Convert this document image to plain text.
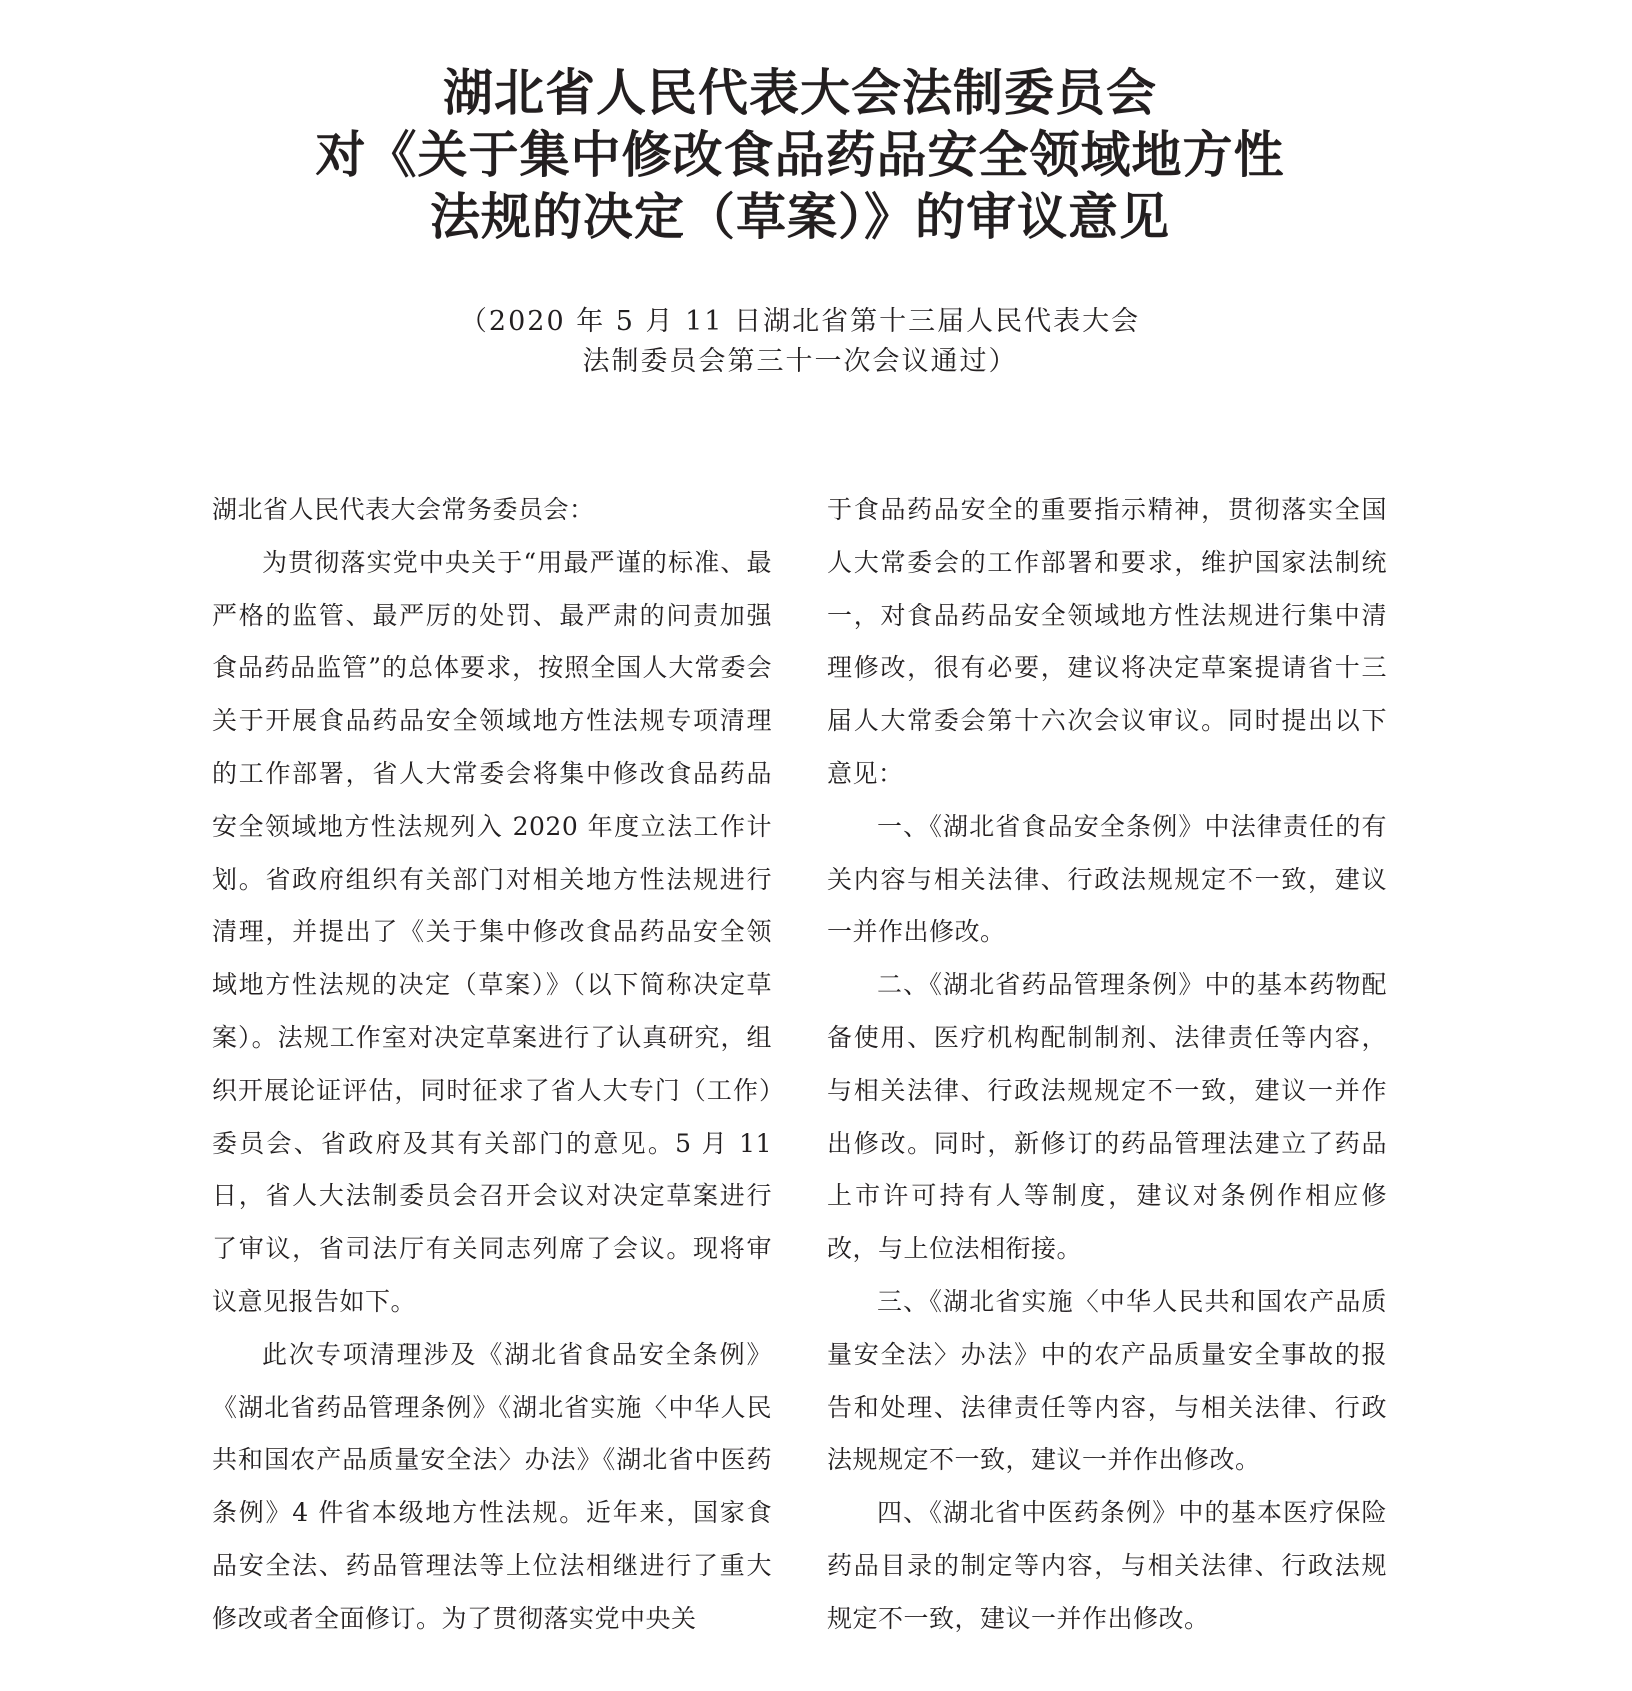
湖北省人民代表大会法制委员会

对《关于集中修改食品药品安全领域地方性

法规的决定（草案）》的审议意见

（2020 年 5 月 11 日湖北省第十三届人民代表大会

法制委员会第三十一次会议通过）

湖北省人民代表大会常务委员会：

为贯彻落实党中央关于“用最严谨的标准、最严格的监管、最严厉的处罚、最严肃的问责加强食品药品监管”的总体要求，按照全国人大常委会关于开展食品药品安全领域地方性法规专项清理的工作部署，省人大常委会将集中修改食品药品安全领域地方性法规列入 2020 年度立法工作计划。省政府组织有关部门对相关地方性法规进行清理，并提出了《关于集中修改食品药品安全领域地方性法规的决定（草案）》（以下简称决定草案）。法规工作室对决定草案进行了认真研究，组织开展论证评估，同时征求了省人大专门（工作）委员会、省政府及其有关部门的意见。5 月 11 日，省人大法制委员会召开会议对决定草案进行了审议，省司法厅有关同志列席了会议。现将审议意见报告如下。

此次专项清理涉及《湖北省食品安全条例》《湖北省药品管理条例》《湖北省实施〈中华人民共和国农产品质量安全法〉办法》《湖北省中医药条例》4 件省本级地方性法规。近年来，国家食品安全法、药品管理法等上位法相继进行了重大修改或者全面修订。为了贯彻落实党中央关

于食品药品安全的重要指示精神，贯彻落实全国人大常委会的工作部署和要求，维护国家法制统一，对食品药品安全领域地方性法规进行集中清理修改，很有必要，建议将决定草案提请省十三届人大常委会第十六次会议审议。同时提出以下意见：

一、《湖北省食品安全条例》中法律责任的有关内容与相关法律、行政法规规定不一致，建议一并作出修改。

二、《湖北省药品管理条例》中的基本药物配备使用、医疗机构配制制剂、法律责任等内容，与相关法律、行政法规规定不一致，建议一并作出修改。同时，新修订的药品管理法建立了药品上市许可持有人等制度，建议对条例作相应修改，与上位法相衔接。

三、《湖北省实施〈中华人民共和国农产品质量安全法〉办法》中的农产品质量安全事故的报告和处理、法律责任等内容，与相关法律、行政法规规定不一致，建议一并作出修改。

四、《湖北省中医药条例》中的基本医疗保险药品目录的制定等内容，与相关法律、行政法规规定不一致，建议一并作出修改。
